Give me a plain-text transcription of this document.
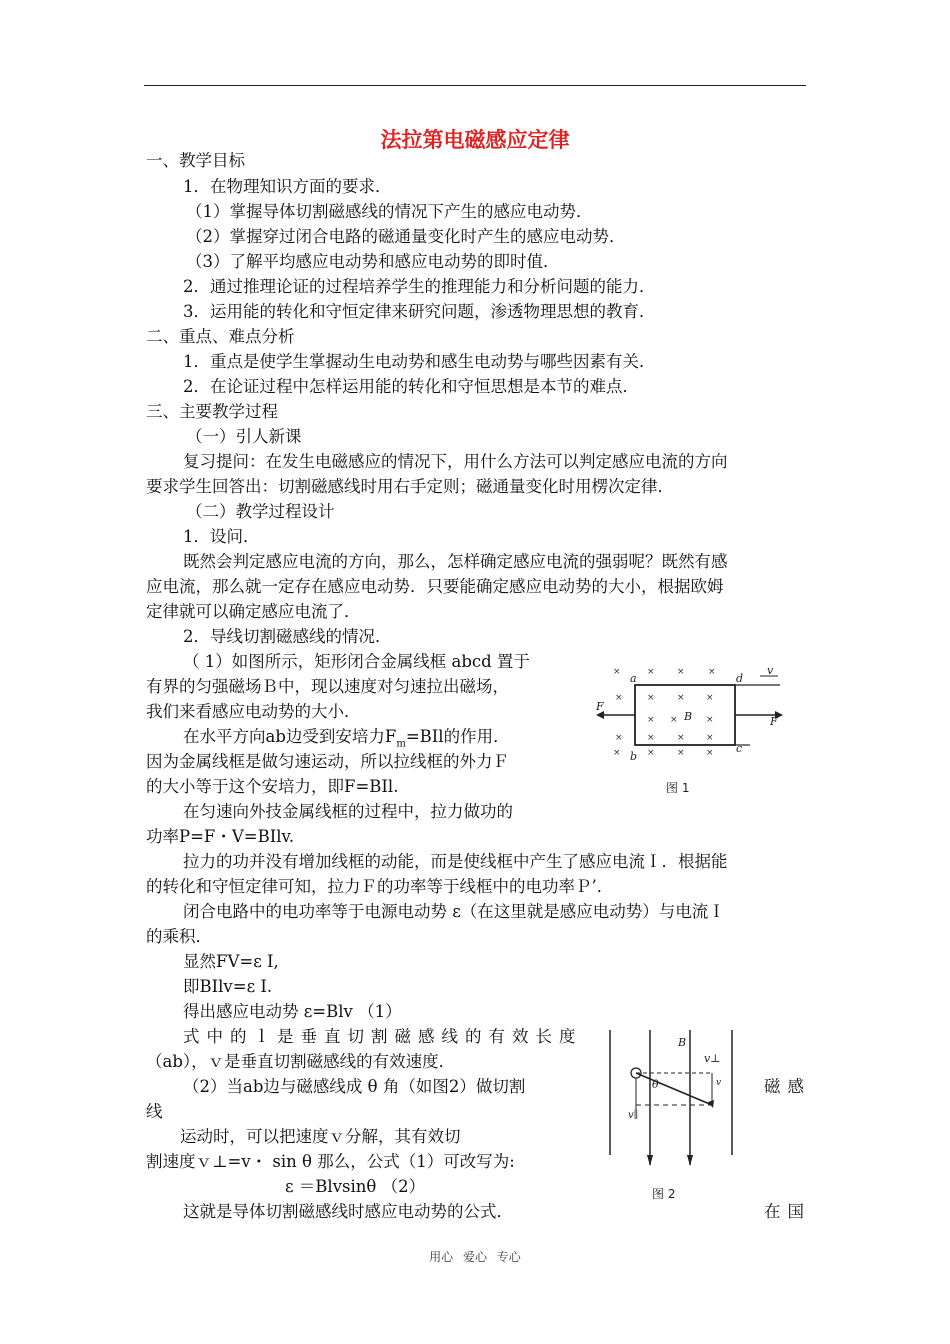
法拉第电磁感应定律
一、教学目标
1．在物理知识方面的要求．
（1）掌握导体切割磁感线的情况下产生的感应电动势．
（2）掌握穿过闭合电路的磁通量变化时产生的感应电动势．
（3）了解平均感应电动势和感应电动势的即时值．
2．通过推理论证的过程培养学生的推理能力和分析问题的能力．
3．运用能的转化和守恒定律来研究问题，渗透物理思想的教育．
二、重点、难点分析
1．重点是使学生掌握动生电动势和感生电动势与哪些因素有关．
2．在论证过程中怎样运用能的转化和守恒思想是本节的难点．
三、主要教学过程
（一）引人新课
复习提问：在发生电磁感应的情况下，用什么方法可以判定感应电流的方向
要求学生回答出：切割磁感线时用右手定则；磁通量变化时用楞次定律．
（二）教学过程设计
1．设问．
既然会判定感应电流的方向，那么，怎样确定感应电流的强弱呢？既然有感
应电流，那么就一定存在感应电动势．只要能确定感应电动势的大小，根据欧姆
定律就可以确定感应电流了．
2．导线切割磁感线的情况．
（ 1）如图所示，矩形闭合金属线框 abcd 置于
有界的匀强磁场Ｂ中，现以速度对匀速拉出磁场，
我们来看感应电动势的大小．
在水平方向ab边受到安培力$F_m=BIl$的作用．
因为金属线框是做匀速运动，所以拉线框的外力Ｆ
的大小等于这个安培力，即F=BIl.
在匀速向外技金属线框的过程中，拉力做功的
功率P=F・V=BIlv.
拉力的功并没有增加线框的动能，而是使线框中产生了感应电流Ｉ．根据能
的转化和守恒定律可知，拉力Ｆ的功率等于线框中的电功率Ｐ’．
闭合电路中的电功率等于电源电动势 ε（在这里就是感应电动势）与电流Ｉ
的乘积．
显然FV=ε I,
即BIlv=ε I.
得出感应电动势 ε=Blv （1）
式中的ｌ是垂直切割磁感线的有效长度
（ab），ｖ是垂直切割磁感线的有效速度．
（2）当ab边与磁感线成 θ 角（如图2）做切割	磁感
线
运动时，可以把速度ｖ分解，其有效切
割速度ｖ⊥=v・ sin θ 那么，公式（1）可改写为:
ε ＝Blvsinθ （2）
这就是导体切割磁感线时感应电动势的公式．	在国
×	× ×	×
×	× × ×
× ×	×
×	× × ×
×	× × ×
a
b
c
d
B
v
F
F
图 1
B
v⊥
v
θ
v∥
图 2
用心 爱心 专心
